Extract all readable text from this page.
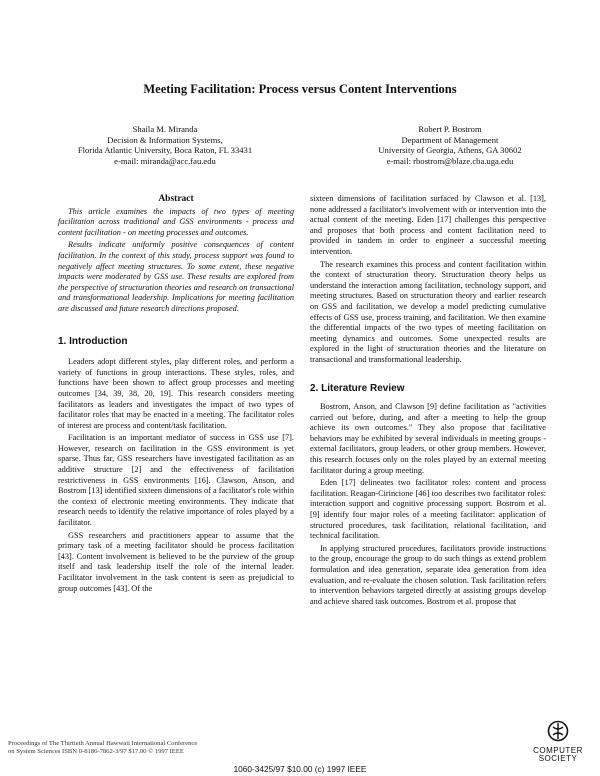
Meeting Facilitation: Process versus Content Interventions
Shaila M. Miranda
Decision & Information Systems,
Florida Atlantic University, Boca Raton, FL 33431
e-mail: miranda@acc.fau.edu
Robert P. Bostrom
Department of Management
University of Georgia, Athens, GA 30602
e-mail: rbostrom@blaze.cba.uga.edu
Abstract

This article examines the impacts of two types of meeting facilitation across traditional and GSS environments - process and content facilitation - on meeting processes and outcomes.

Results indicate uniformly positive consequences of content facilitation. In the context of this study, process support was found to negatively affect meeting structures. To some extent, these negative impacts were moderated by GSS use. These results are explored from the perspective of structuration theories and research on transactional and transformational leadership. Implications for meeting facilitation are discussed and future research directions proposed.

1. Introduction

Leaders adopt different styles, play different roles, and perform a variety of functions in group interactions. These styles, roles, and functions have been shown to affect group processes and meeting outcomes [34, 39, 38, 20, 19]. This research considers meeting facilitators as leaders and investigates the impact of two types of facilitator roles that may be enacted in a meeting. The facilitator roles of interest are process and content/task facilitation.

Facilitation is an important mediator of success in GSS use [7]. However, research on facilitation in the GSS environment is yet sparse. Thus far, GSS researchers have investigated facilitation as an additive structure [2] and the effectiveness of facilitation restrictiveness in GSS environments [16]. Clawson, Anson, and Bostrom [13] identified sixteen dimensions of a facilitator's role within the context of electronic meeting environments. They indicate that research needs to identify the relative importance of roles played by a facilitator.

GSS researchers and practitioners appear to assume that the primary task of a meeting facilitator should be process facilitation [43]. Content involvement is believed to be the purview of the group itself and task leadership itself the role of the internal leader. Facilitator involvement in the task content is seen as prejudicial to group outcomes [43]. Of the

sixteen dimensions of facilitation surfaced by Clawson et al. [13], none addressed a facilitator's involvement with or intervention into the actual content of the meeting. Eden [17] challenges this perspective and proposes that both process and content facilitation need to provided in tandem in order to engineer a successful meeting intervention.

The research examines this process and content facilitation within the context of structuration theory. Structuration theory helps us understand the interaction among facilitation, technology support, and meeting structures. Based on structuration theory and earlier research on GSS and facilitation, we develop a model predicting cumulative effects of GSS use, process training, and facilitation. We then examine the differential impacts of the two types of meeting facilitation on meeting dynamics and outcomes. Some unexpected results are explored in the light of structuration theories and the literature on transactional and transformational leadership.

2. Literature Review

Bostrom, Anson, and Clawson [9] define facilitation as "activities carried out before, during, and after a meeting to help the group achieve its own outcomes." They also propose that facilitative behaviors may be exhibited by several individuals in meeting groups - external facilitators, group leaders, or other group members. However, this research focuses only on the roles played by an external meeting facilitator during a group meeting.

Eden [17] delineates two facilitator roles: content and process facilitation. Reagan-Cirincione [46] too describes two facilitator roles: interaction support and cognitive processing support. Bostrom et al. [9] identify four major roles of a meeting facilitator: application of structured procedures, task facilitation, relational facilitation, and technical facilitation.

In applying structured procedures, facilitators provide instructions to the group, encourage the group to do such things as extend problem formulation and idea generation, separate idea generation from idea evaluation, and re-evaluate the chosen solution. Task facilitation refers to intervention behaviors targeted directly at assisting groups develop and achieve shared task outcomes. Bostrom et al. propose that

Proceedings of The Thirtieth Annual Hawwaii International Conference
on System Sciences ISBN 0-8186-7862-3/97 $17.00 © 1997 IEEE	COMPUTER
SOCIETY
1060-3425/97 $10.00 (c) 1997 IEEE
